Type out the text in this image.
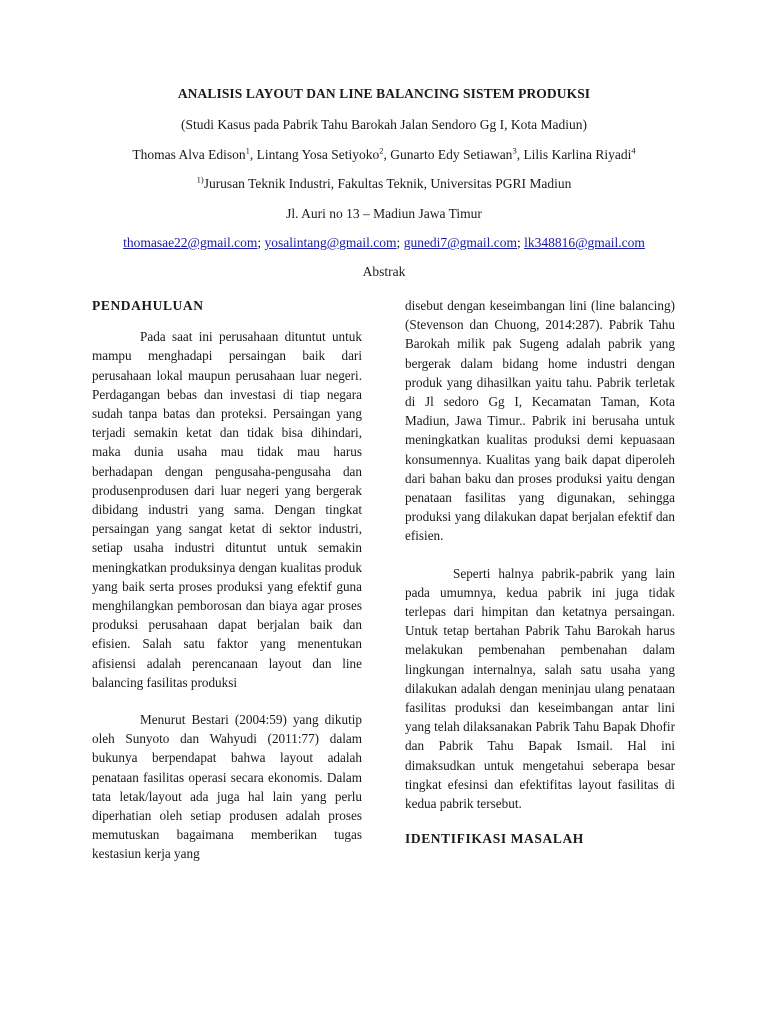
ANALISIS LAYOUT DAN LINE BALANCING SISTEM PRODUKSI
(Studi Kasus pada Pabrik Tahu Barokah Jalan Sendoro Gg I, Kota Madiun)
Thomas Alva Edison$^1$, Lintang Yosa Setiyoko$^2$, Gunarto Edy Setiawan$^3$, Lilis Karlina Riyadi$^4$
$^{1)}$Jurusan Teknik Industri, Fakultas Teknik, Universitas PGRI Madiun
Jl. Auri no 13 – Madiun Jawa Timur
thomasae22@gmail.com; yosalintang@gmail.com; gunedi7@gmail.com; lk348816@gmail.com
Abstrak
PENDAHULUAN

Pada saat ini perusahaan dituntut untuk mampu menghadapi persaingan baik dari perusahaan lokal maupun perusahaan luar negeri. Perdagangan bebas dan investasi di tiap negara sudah tanpa batas dan proteksi. Persaingan yang terjadi semakin ketat dan tidak bisa dihindari, maka dunia usaha mau tidak mau harus berhadapan dengan pengusaha-pengusaha dan produsenprodusen dari luar negeri yang bergerak dibidang industri yang sama. Dengan tingkat persaingan yang sangat ketat di sektor industri, setiap usaha industri dituntut untuk semakin meningkatkan produksinya dengan kualitas produk yang baik serta proses produksi yang efektif guna menghilangkan pemborosan dan biaya agar proses produksi perusahaan dapat berjalan baik dan efisien. Salah satu faktor yang menentukan afisiensi adalah perencanaan layout dan line balancing fasilitas produksi

Menurut Bestari (2004:59) yang dikutip oleh Sunyoto dan Wahyudi (2011:77) dalam bukunya berpendapat bahwa layout adalah penataan fasilitas operasi secara ekonomis. Dalam tata letak/layout ada juga hal lain yang perlu diperhatian oleh setiap produsen adalah proses memutuskan bagaimana memberikan tugas kestasiun kerja yang

disebut dengan keseimbangan lini (line balancing) (Stevenson dan Chuong, 2014:287). Pabrik Tahu Barokah milik pak Sugeng adalah pabrik yang bergerak dalam bidang home industri dengan produk yang dihasilkan yaitu tahu. Pabrik terletak di Jl sedoro Gg I, Kecamatan Taman, Kota Madiun, Jawa Timur.. Pabrik ini berusaha untuk meningkatkan kualitas produksi demi kepuasaan konsumennya. Kualitas yang baik dapat diperoleh dari bahan baku dan proses produksi yaitu dengan penataan fasilitas yang digunakan, sehingga produksi yang dilakukan dapat berjalan efektif dan efisien.

Seperti halnya pabrik-pabrik yang lain pada umumnya, kedua pabrik ini juga tidak terlepas dari himpitan dan ketatnya persaingan. Untuk tetap bertahan Pabrik Tahu Barokah harus melakukan pembenahan pembenahan dalam lingkungan internalnya, salah satu usaha yang dilakukan adalah dengan meninjau ulang penataan fasilitas produksi dan keseimbangan antar lini yang telah dilaksanakan Pabrik Tahu Bapak Dhofir dan Pabrik Tahu Bapak Ismail. Hal ini dimaksudkan untuk mengetahui seberapa besar tingkat efesinsi dan efektifitas layout fasilitas di kedua pabrik tersebut.

IDENTIFIKASI MASALAH
